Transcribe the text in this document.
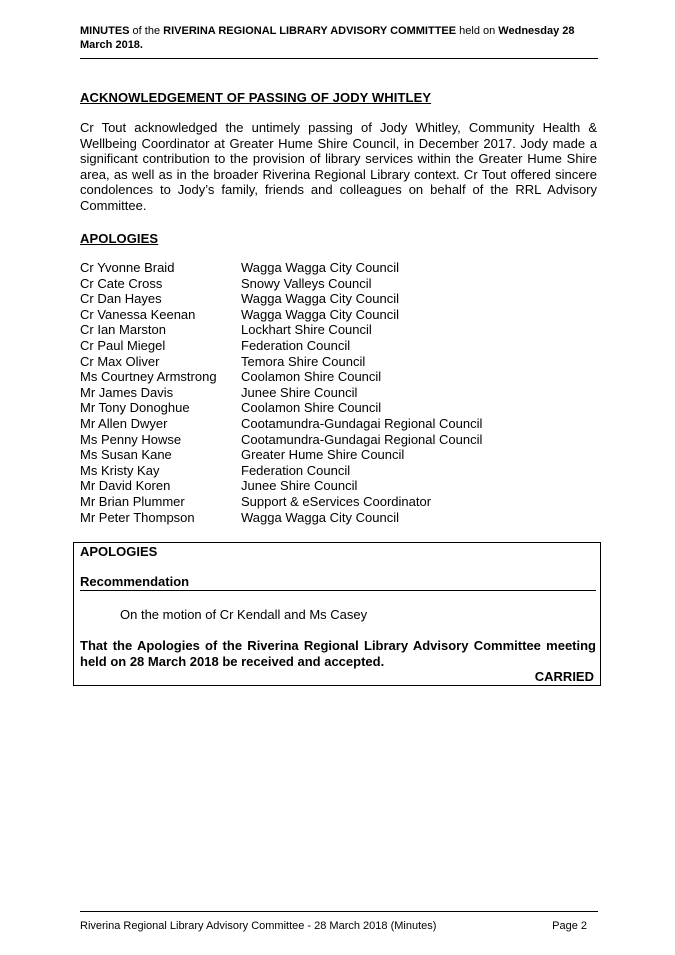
MINUTES of the RIVERINA REGIONAL LIBRARY ADVISORY COMMITTEE held on Wednesday 28
March 2018.
ACKNOWLEDGEMENT OF PASSING OF JODY WHITLEY
Cr Tout acknowledged the untimely passing of Jody Whitley, Community Health & Wellbeing Coordinator at Greater Hume Shire Council, in December 2017. Jody made a significant contribution to the provision of library services within the Greater Hume Shire area, as well as in the broader Riverina Regional Library context. Cr Tout offered sincere condolences to Jody’s family, friends and colleagues on behalf of the RRL Advisory Committee.
APOLOGIES
Cr Yvonne Braid	Wagga Wagga City Council
Cr Cate Cross	Snowy Valleys Council
Cr Dan Hayes	Wagga Wagga City Council
Cr Vanessa Keenan	Wagga Wagga City Council
Cr Ian Marston	Lockhart Shire Council
Cr Paul Miegel	Federation Council
Cr Max Oliver	Temora Shire Council
Ms Courtney Armstrong	Coolamon Shire Council
Mr James Davis	Junee Shire Council
Mr Tony Donoghue	Coolamon Shire Council
Mr Allen Dwyer	Cootamundra-Gundagai Regional Council
Ms Penny Howse	Cootamundra-Gundagai Regional Council
Ms Susan Kane	Greater Hume Shire Council
Ms Kristy Kay	Federation Council
Mr David Koren	Junee Shire Council
Mr Brian Plummer	Support & eServices Coordinator
Mr Peter Thompson	Wagga Wagga City Council
APOLOGIES
Recommendation
On the motion of Cr Kendall and Ms Casey
That the Apologies of the Riverina Regional Library Advisory Committee meeting held on 28 March 2018 be received and accepted.
CARRIED
Riverina Regional Library Advisory Committee - 28 March 2018 (Minutes)	Page 2
